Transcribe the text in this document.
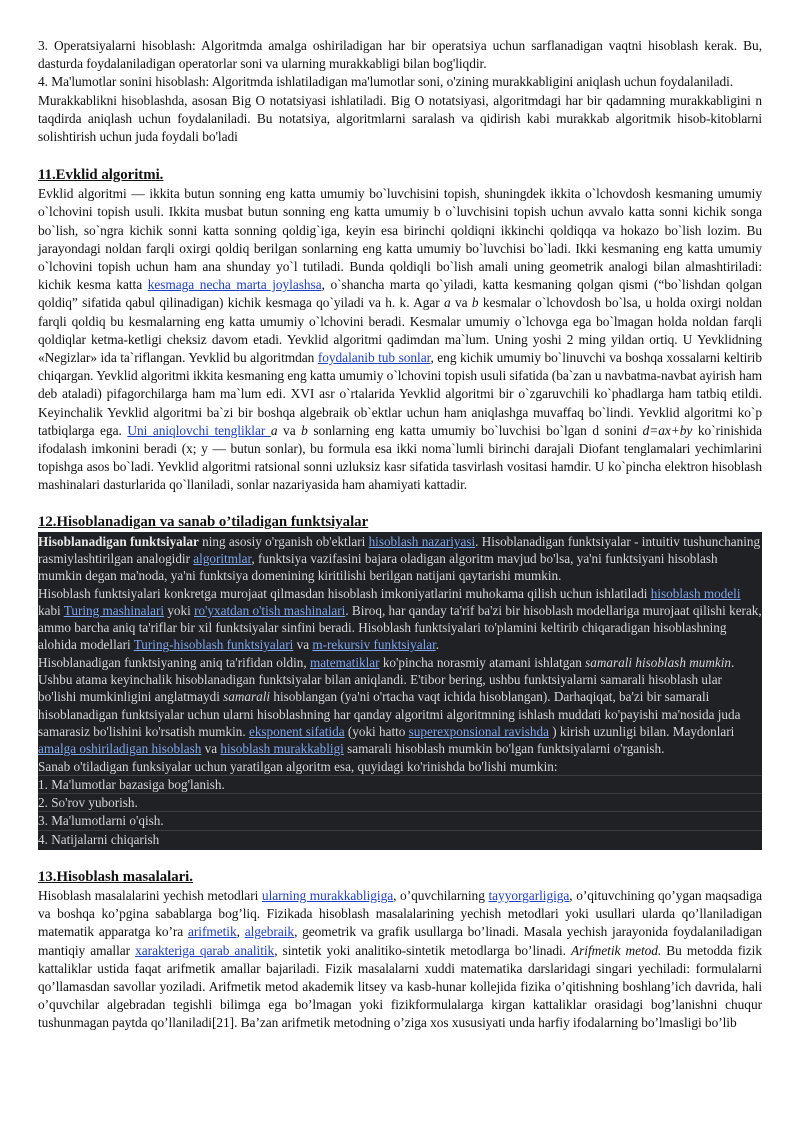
3. Operatsiyalarni hisoblash: Algoritmda amalga oshiriladigan har bir operatsiya uchun sarflanadigan vaqtni hisoblash kerak. Bu, dasturda foydalaniladigan operatorlar soni va ularning murakkabligi bilan bog'liqdir.

4. Ma'lumotlar sonini hisoblash: Algoritmda ishlatiladigan ma'lumotlar soni, o'zining murakkabligini aniqlash uchun foydalaniladi.

Murakkablikni hisoblashda, asosan Big O notatsiyasi ishlatiladi. Big O notatsiyasi, algoritmdagi har bir qadamning murakkabligini n taqdirda aniqlash uchun foydalaniladi. Bu notatsiya, algoritmlarni saralash va qidirish kabi murakkab algoritmik hisob-kitoblarni solishtirish uchun juda foydali bo'ladi

11.Evklid algoritmi.

Evklid algoritmi — ikkita butun sonning eng katta umumiy bo`luvchisini topish, shuningdek ikkita o`lchovdosh kesmaning umumiy o`lchovini topish usuli. Ikkita musbat butun sonning eng katta umumiy b o`luvchisini topish uchun avvalo katta sonni kichik songa bo`lish, so`ngra kichik sonni katta sonning qoldig`iga, keyin esa birinchi qoldiqni ikkinchi qoldiqqa va hokazo bo`lish lozim. Bu jarayondagi noldan farqli oxirgi qoldiq berilgan sonlarning eng katta umumiy bo`luvchisi bo`ladi. Ikki kesmaning eng katta umumiy o`lchovini topish uchun ham ana shunday yo`l tutiladi. Bunda qoldiqli bo`lish amali uning geometrik analogi bilan almashtiriladi: kichik kesma katta kesmaga necha marta joylashsa, o`shancha marta qo`yiladi, katta kesmaning qolgan qismi (“bo`lishdan qolgan qoldiq” sifatida qabul qilinadigan) kichik kesmaga qo`yiladi va h. k. Agar a va b kesmalar o`lchovdosh bo`lsa, u holda oxirgi noldan farqli qoldiq bu kesmalarning eng katta umumiy o`lchovini beradi. Kesmalar umumiy o`lchovga ega bo`lmagan holda noldan farqli qoldiqlar ketma-ketligi cheksiz davom etadi. Yevklid algoritmi qadimdan ma`lum. Uning yoshi 2 ming yildan ortiq. U Yevklidning «Negizlar» ida ta`riflangan. Yevklid bu algoritmdan foydalanib tub sonlar, eng kichik umumiy bo`linuvchi va boshqa xossalarni keltirib chiqargan. Yevklid algoritmi ikkita kesmaning eng katta umumiy o`lchovini topish usuli sifatida (ba`zan u navbatma-navbat ayirish ham deb ataladi) pifagorchilarga ham ma`lum edi. XVI asr o`rtalarida Yevklid algoritmi bir o`zgaruvchili ko`phadlarga ham tatbiq etildi. Keyinchalik Yevklid algoritmi ba`zi bir boshqa algebraik ob`ektlar uchun ham aniqlashga muvaffaq bo`lindi. Yevklid algoritmi ko`p tatbiqlarga ega. Uni aniqlovchi tengliklar a va b sonlarning eng katta umumiy bo`luvchisi bo`lgan d sonini d=ax+by ko`rinishida ifodalash imkonini beradi (x; y — butun sonlar), bu formula esa ikki noma`lumli birinchi darajali Diofant tenglamalari yechimlarini topishga asos bo`ladi. Yevklid algoritmi ratsional sonni uzluksiz kasr sifatida tasvirlash vositasi hamdir. U ko`pincha elektron hisoblash mashinalari dasturlarida qo`llaniladi, sonlar nazariyasida ham ahamiyati kattadir.

12.Hisoblanadigan va sanab o’tiladigan funktsiyalar

Hisoblanadigan funktsiyalar ning asosiy o'rganish ob'ektlari hisoblash nazariyasi. Hisoblanadigan funktsiyalar - intuitiv tushunchaning rasmiylashtirilgan analogidir algoritmlar, funktsiya vazifasini bajara oladigan algoritm mavjud bo'lsa, ya'ni funktsiyani hisoblash mumkin degan ma'noda, ya'ni funktsiya domenining kiritilishi berilgan natijani qaytarishi mumkin.

Hisoblash funktsiyalari konkretga murojaat qilmasdan hisoblash imkoniyatlarini muhokama qilish uchun ishlatiladi hisoblash modeli kabi Turing mashinalari yoki ro'yxatdan o'tish mashinalari. Biroq, har qanday ta'rif ba'zi bir hisoblash modellariga murojaat qilishi kerak, ammo barcha aniq ta'riflar bir xil funktsiyalar sinfini beradi. Hisoblash funktsiyalari to'plamini keltirib chiqaradigan hisoblashning alohida modellari Turing-hisoblash funktsiyalari va m-rekursiv funktsiyalar.

Hisoblanadigan funktsiyaning aniq ta'rifidan oldin, matematiklar ko'pincha norasmiy atamani ishlatgan samarali hisoblash mumkin. Ushbu atama keyinchalik hisoblanadigan funktsiyalar bilan aniqlandi. E'tibor bering, ushbu funktsiyalarni samarali hisoblash ular bo'lishi mumkinligini anglatmaydi samarali hisoblangan (ya'ni o'rtacha vaqt ichida hisoblangan). Darhaqiqat, ba'zi bir samarali hisoblanadigan funktsiyalar uchun ularni hisoblashning har qanday algoritmi algoritmning ishlash muddati ko'payishi ma'nosida juda samarasiz bo'lishini ko'rsatish mumkin. eksponent sifatida (yoki hatto superexponsional ravishda ) kirish uzunligi bilan. Maydonlari amalga oshiriladigan hisoblash va hisoblash murakkabligi samarali hisoblash mumkin bo'lgan funktsiyalarni o'rganish.

Sanab o'tiladigan funksiyalar uchun yaratilgan algoritm esa, quyidagi ko'rinishda bo'lishi mumkin:

1. Ma'lumotlar bazasiga bog'lanish.
2. So'rov yuborish.
3. Ma'lumotlarni o'qish.
4. Natijalarni chiqarish
13.Hisoblash masalalari.

Hisoblash masalalarini yechish metodlari ularning murakkabligiga, o’quvchilarning tayyorgarligiga, o’qituvchining qo’ygan maqsadiga va boshqa ko’pgina sabablarga bog’liq. Fizikada hisoblash masalalarining yechish metodlari yoki usullari ularda qo’llaniladigan matematik apparatga ko’ra arifmetik, algebraik, geometrik va grafik usullarga bo’linadi. Masala yechish jarayonida foydalaniladigan mantiqiy amallar xarakteriga qarab analitik, sintetik yoki analitiko-sintetik metodlarga bo’linadi. Arifmetik metod. Bu metodda fizik kattaliklar ustida faqat arifmetik amallar bajariladi. Fizik masalalarni xuddi matematika darslaridagi singari yechiladi: formulalarni qo’llamasdan savollar yoziladi. Arifmetik metod akademik litsey va kasb-hunar kollejida fizika o’qitishning boshlang’ich davrida, hali o’quvchilar algebradan tegishli bilimga ega bo’lmagan yoki fizikformulalarga kirgan kattaliklar orasidagi bog’lanishni chuqur tushunmagan paytda qo’llaniladi[21]. Ba’zan arifmetik metodning o’ziga xos xususiyati unda harfiy ifodalarning bo’lmasligi bo’lib
